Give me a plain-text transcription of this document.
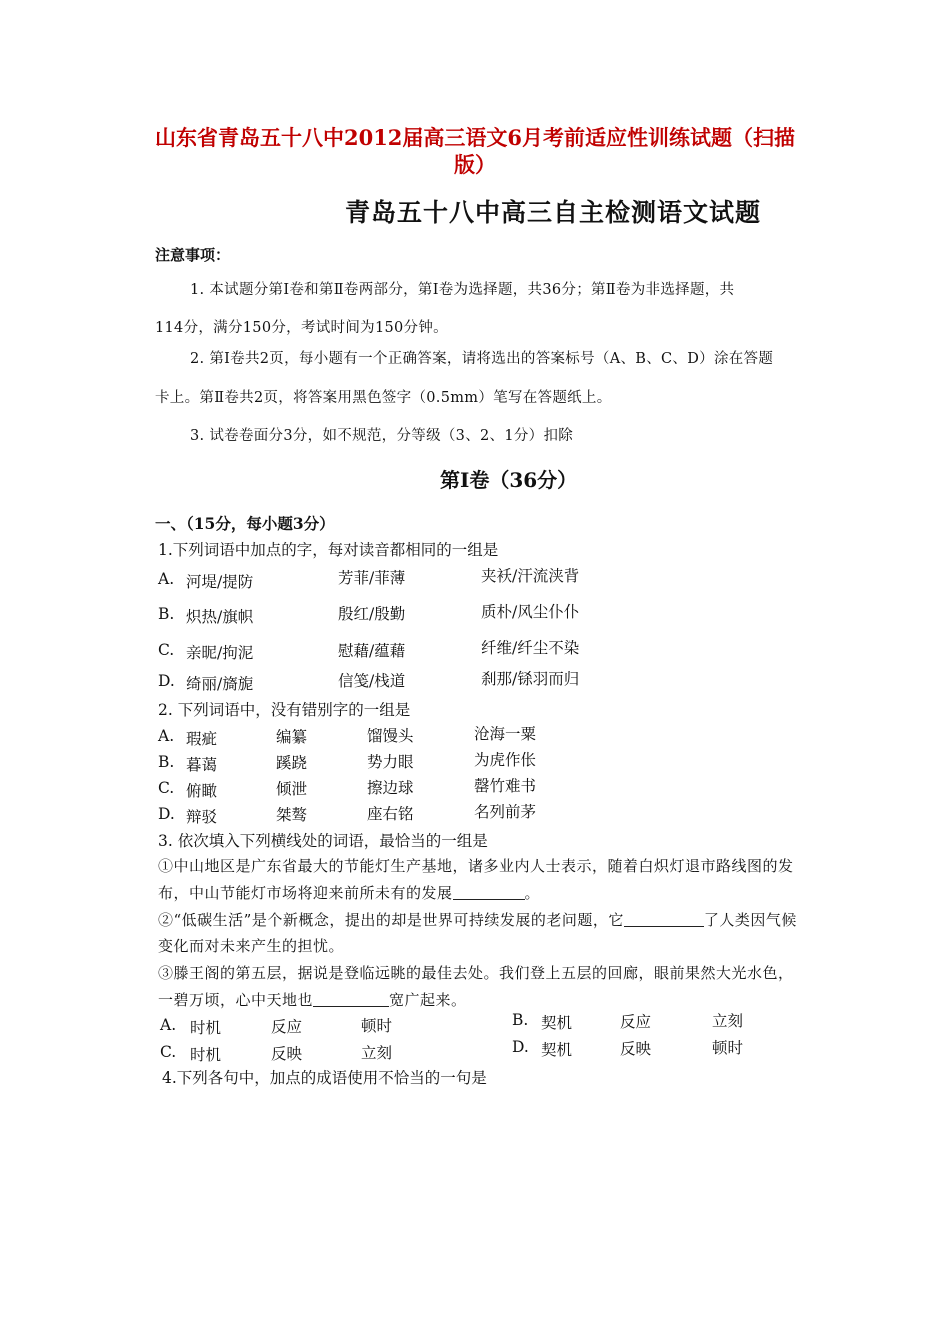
山东省青岛五十八中2012届高三语文6月考前适应性训练试题（扫描
版）
青岛五十八中高三自主检测语文试题
注意事项：
1. 本试题分第Ⅰ卷和第Ⅱ卷两部分，第Ⅰ卷为选择题，共36分；第Ⅱ卷为非选择题，共
114分，满分150分，考试时间为150分钟。
2. 第Ⅰ卷共2页，每小题有一个正确答案，请将选出的答案标号（A、B、C、D）涂在答题
卡上。第Ⅱ卷共2页，将答案用黑色签字（0.5mm）笔写在答题纸上。
3. 试卷卷面分3分，如不规范，分等级（3、2、1分）扣除
第Ⅰ卷（36分）
一、（15分，每小题3分）
1.下列词语中加点的字，每对读音都相同的一组是
A. 河堤/提防	芳菲/菲薄	夹袄/汗流浃背
B. 炽热/旗帜	殷红/殷勤	质朴/风尘仆仆
C. 亲昵/拘泥	慰藉/蕴藉	纤维/纤尘不染
D. 绮丽/旖旎	信笺/栈道	刹那/铩羽而归
2. 下列词语中，没有错别字的一组是
A. 瑕疵	编纂	馏馒头	沧海一粟
B. 暮蔼	蹊跷	势力眼	为虎作伥
C. 俯瞰	倾泄	擦边球	罄竹难书
D. 辩驳	桀骜	座右铭	名列前茅
3. 依次填入下列横线处的词语，最恰当的一组是
①中山地区是广东省最大的节能灯生产基地，诸多业内人士表示，随着白炽灯退市路线图的发
布，中山节能灯市场将迎来前所未有的发展	。
②“低碳生活”是个新概念，提出的却是世界可持续发展的老问题，它	了人类因气候
变化而对未来产生的担忧。
③滕王阁的第五层，据说是登临远眺的最佳去处。我们登上五层的回廊，眼前果然大光水色，
一碧万顷，心中天地也	宽广起来。
A. 时机	反应	顿时	B. 契机	反应	立刻
C. 时机	反映	立刻	D. 契机	反映	顿时
4.下列各句中，加点的成语使用不恰当的一句是
